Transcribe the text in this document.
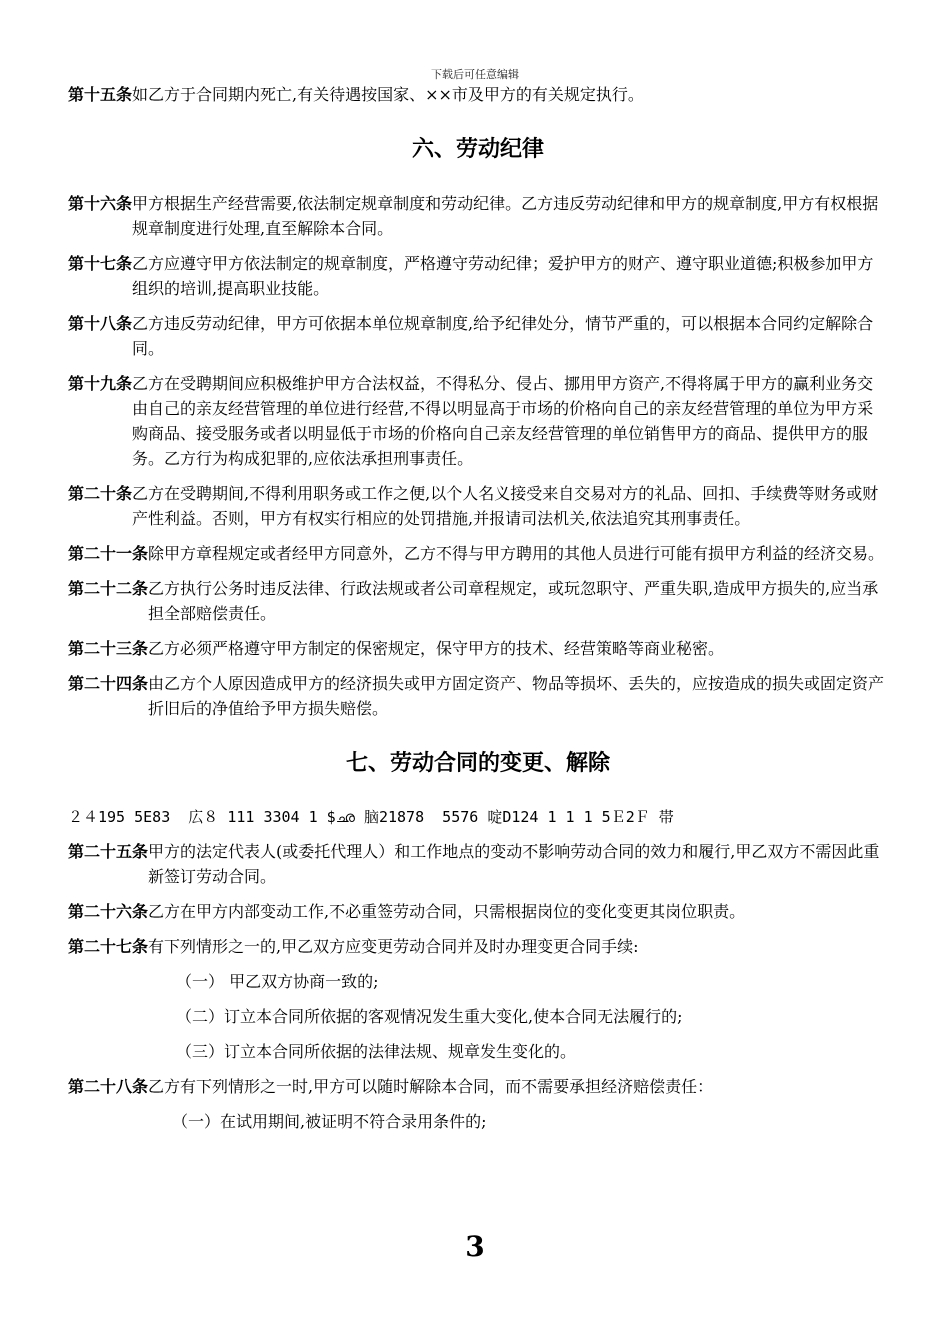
下载后可任意编辑
第十五条 如乙方于合同期内死亡,有关待遇按国家、××市及甲方的有关规定执行。
六、劳动纪律
第十六条 甲方根据生产经营需要,依法制定规章制度和劳动纪律。乙方违反劳动纪律和甲方的规章制度,甲方有权根据规章制度进行处理,直至解除本合同。
第十七条 乙方应遵守甲方依法制定的规章制度，严格遵守劳动纪律；爱护甲方的财产、遵守职业道德;积极参加甲方组织的培训,提高职业技能。
第十八条 乙方违反劳动纪律，甲方可依据本单位规章制度,给予纪律处分，情节严重的，可以根据本合同约定解除合同。
第十九条 乙方在受聘期间应积极维护甲方合法权益，不得私分、侵占、挪用甲方资产,不得将属于甲方的赢利业务交由自己的亲友经营管理的单位进行经营,不得以明显高于市场的价格向自己的亲友经营管理的单位为甲方采购商品、接受服务或者以明显低于市场的价格向自己亲友经营管理的单位销售甲方的商品、提供甲方的服务。乙方行为构成犯罪的,应依法承担刑事责任。
第二十条 乙方在受聘期间,不得利用职务或工作之便,以个人名义接受来自交易对方的礼品、回扣、手续费等财务或财产性利益。否则，甲方有权实行相应的处罚措施,并报请司法机关,依法追究其刑事责任。
第二十一条 除甲方章程规定或者经甲方同意外，乙方不得与甲方聘用的其他人员进行可能有损甲方利益的经济交易。
第二十二条 乙方执行公务时违反法律、行政法规或者公司章程规定，或玩忽职守、严重失职,造成甲方损失的,应当承担全部赔偿责任。
第二十三条 乙方必须严格遵守甲方制定的保密规定，保守甲方的技术、经营策略等商业秘密。
第二十四条 由乙方个人原因造成甲方的经济损失或甲方固定资产、物品等损坏、丢失的，应按造成的损失或固定资产折旧后的净值给予甲方损失赔偿。
七、劳动合同的变更、解除
２４195 5E83  広８ 111 3304 1 $ഛ 脑21878  5576 啶D124 1 1 1 5Ｅ2Ｆ 帯
第二十五条 甲方的法定代表人(或委托代理人）和工作地点的变动不影响劳动合同的效力和履行,甲乙双方不需因此重新签订劳动合同。
第二十六条 乙方在甲方内部变动工作,不必重签劳动合同，只需根据岗位的变化变更其岗位职责。
第二十七条 有下列情形之一的,甲乙双方应变更劳动合同并及时办理变更合同手续:
（一） 甲乙双方协商一致的;
（二）订立本合同所依据的客观情况发生重大变化,使本合同无法履行的;
（三）订立本合同所依据的法律法规、规章发生变化的。
第二十八条 乙方有下列情形之一时,甲方可以随时解除本合同，而不需要承担经济赔偿责任：
（一）在试用期间,被证明不符合录用条件的;
3
